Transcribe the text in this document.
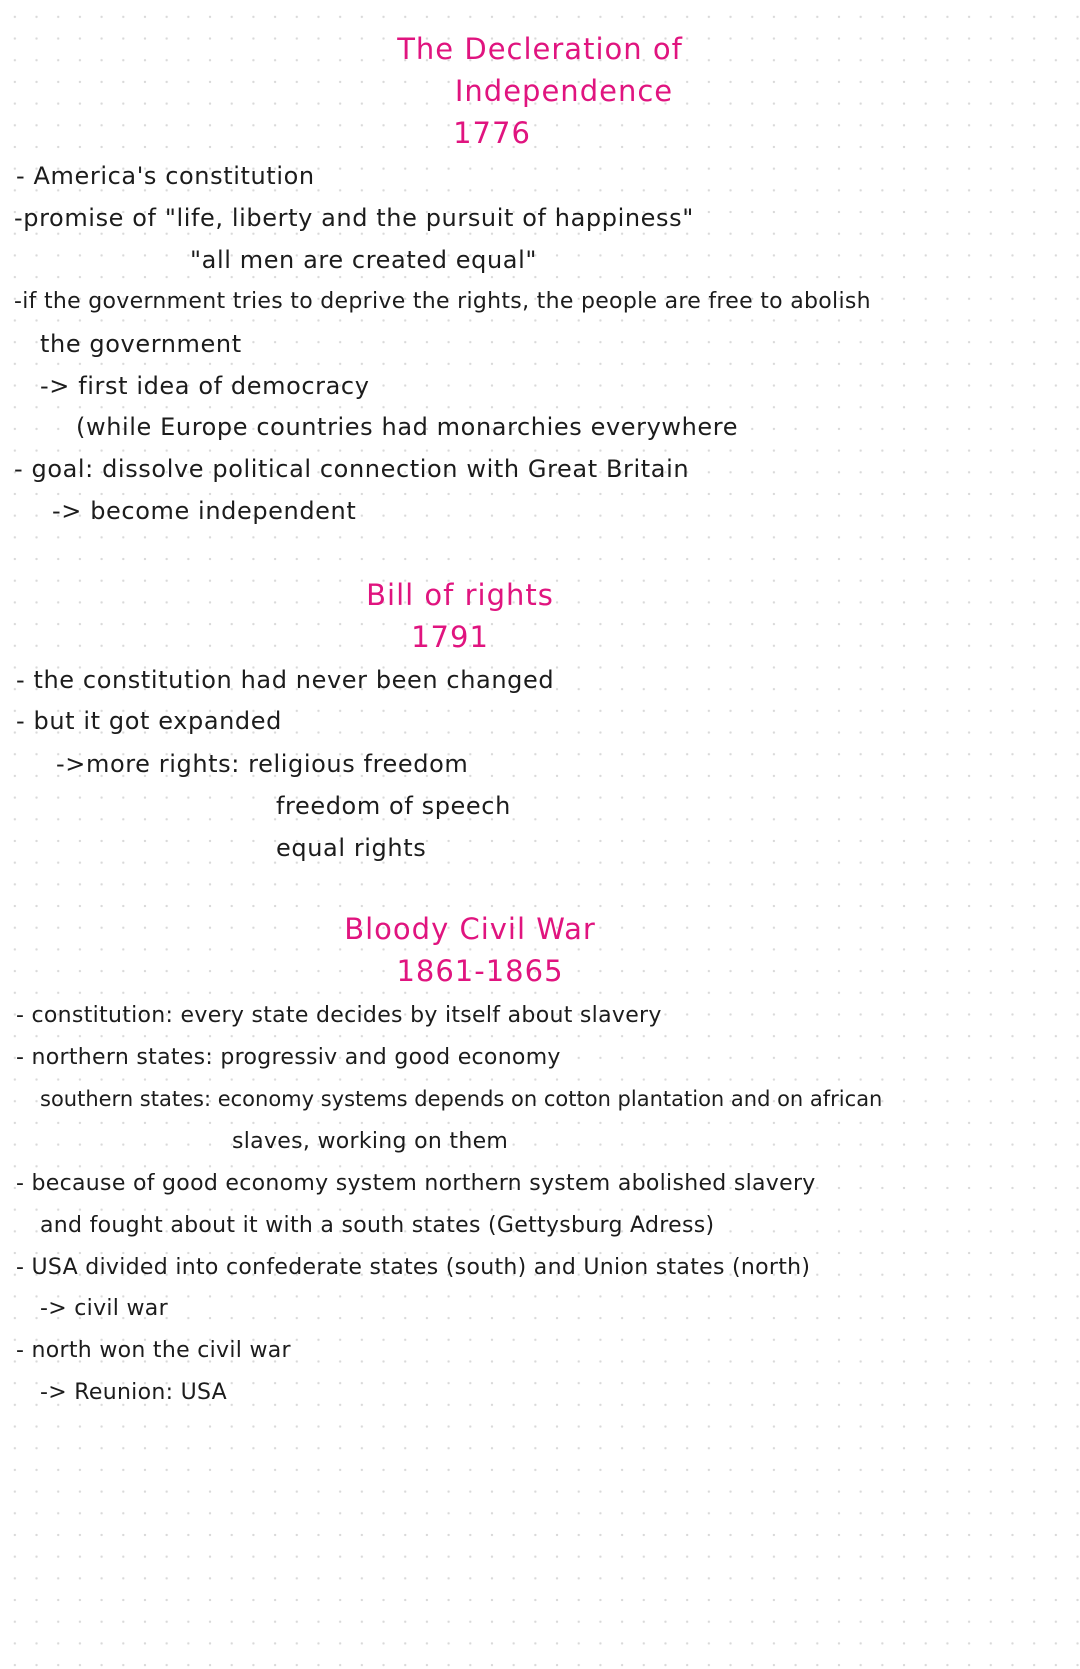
The Decleration of
Independence
1776
- America's constitution
-promise of "life, liberty and the pursuit of happiness"
"all men are created equal"
-if the government tries to deprive the rights, the people are free to abolish
the government
-> first idea of democracy
(while Europe countries had monarchies everywhere
- goal: dissolve political connection with Great Britain
-> become independent
Bill of rights
1791
- the constitution had never been changed
- but it got expanded
->more rights: religious freedom
freedom of speech
equal rights
Bloody Civil War
1861-1865
- constitution: every state decides by itself about slavery
- northern states: progressiv and good economy
southern states: economy systems depends on cotton plantation and on african
slaves, working on them
- because of good economy system northern system abolished slavery
and fought about it with a south states (Gettysburg Adress)
- USA divided into confederate states (south) and Union states (north)
-> civil war
- north won the civil war
-> Reunion: USA
